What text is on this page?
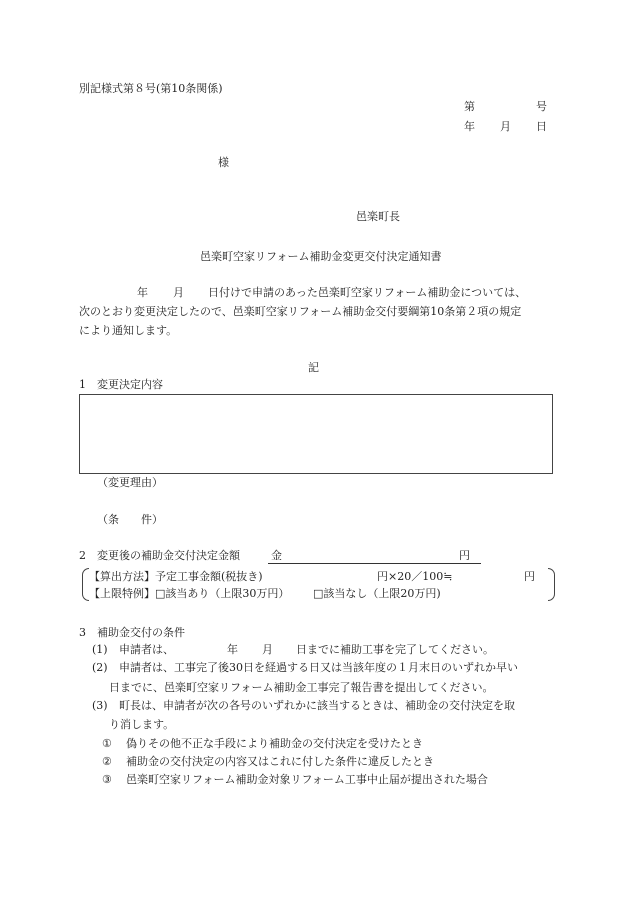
別記様式第８号(第10条関係)
第	号
年 月 日
様
邑楽町長
邑楽町空家リフォーム補助金変更交付決定通知書
年 月 日付けで申請のあった邑楽町空家リフォーム補助金については、
次のとおり変更決定したので、邑楽町空家リフォーム補助金交付要綱第10条第２項の規定
により通知します。
記
1　変更決定内容
（変更理由）
（条　　件）
2　変更後の補助金交付決定金額	金	円
【算出方法】予定工事金額(税抜き)	円×20／100≒	円
【上限特例】□該当あり（上限30万円） □該当なし（上限20万円)
3　補助金交付の条件
(1) 申請者は、	年 月 日までに補助工事を完了してください。
(2) 申請者は、工事完了後30日を経過する日又は当該年度の１月末日のいずれか早い
日までに、邑楽町空家リフォーム補助金工事完了報告書を提出してください。
(3) 町長は、申請者が次の各号のいずれかに該当するときは、補助金の交付決定を取
り消します。
① 偽りその他不正な手段により補助金の交付決定を受けたとき
② 補助金の交付決定の内容又はこれに付した条件に違反したとき
③ 邑楽町空家リフォーム補助金対象リフォーム工事中止届が提出された場合
